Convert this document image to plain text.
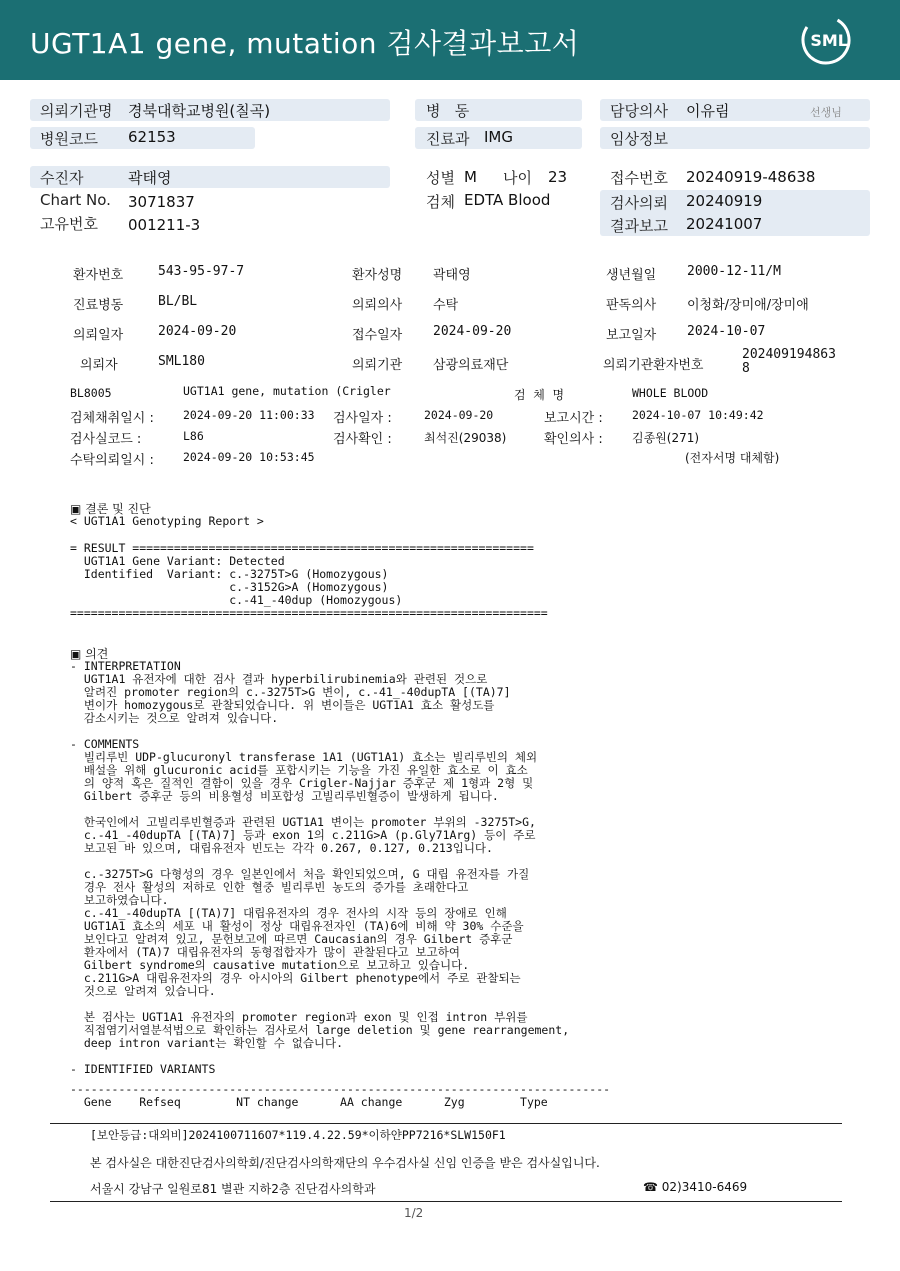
UGT1A1 gene, mutation 검사결과보고서	SML
의뢰기관명 경북대학교병원(칠곡)
병원코드 62153
병   동
진료과 IMG
담당의사 이유림	선생님
임상정보
수진자	곽태영
Chart No. 3071837
고유번호 001211-3
성별 M 나이 23
검체 EDTA Blood
접수번호 20240919-48638
검사의뢰 20240919
결과보고 20241007
환자번호	543-95-97-7	환자성명 곽태영	생년월일 2000-12-11/M
진료병동	BL/BL	의뢰의사 수탁	판독의사 이청화/장미애/장미애
의뢰일자	2024-09-20	접수일자 2024-09-20	보고일자 2024-10-07
의뢰자	SML180	의뢰기관 삼광의료재단	의뢰기관환자번호
202409194863
8
BL8005	UGT1A1 gene, mutation (Crigler	검  체  명	WHOLE BLOOD
검체채취일시 :	2024-09-20 11:00:33 검사일자 :	2024-09-20	보고시간 :	2024-10-07 10:49:42
검사실코드 :	L86	검사확인 :	최석진(29038)	확인의사 : 김종원(271)
수탁의뢰일시 :	2024-09-20 10:53:45	(전자서명 대체함)
▣ 결론 및 진단
< UGT1A1 Genotyping Report >
= RESULT ==========================================================
UGT1A1 Gene Variant: Detected
Identified  Variant: c.-3275T>G (Homozygous)
c.-3152G>A (Homozygous)
c.-41_-40dup (Homozygous)
=====================================================================
▣ 의견
- INTERPRETATION
UGT1A1 유전자에 대한 검사 결과 hyperbilirubinemia와 관련된 것으로
알려진 promoter region의 c.-3275T>G 변이, c.-41_-40dupTA [(TA)7]
변이가 homozygous로 관찰되었습니다. 위 변이들은 UGT1A1 효소 활성도를
감소시키는 것으로 알려져 있습니다.

- COMMENTS
빌리루빈 UDP-glucuronyl transferase 1A1 (UGT1A1) 효소는 빌리루빈의 체외
배설을 위해 glucuronic acid를 포합시키는 기능을 가진 유일한 효소로 이 효소
의 양적 혹은 질적인 결함이 있을 경우 Crigler-Najjar 증후군 제 1형과 2형 및
Gilbert 증후군 등의 비용혈성 비포합성 고빌리루빈혈증이 발생하게 됩니다.

한국인에서 고빌리루빈혈증과 관련된 UGT1A1 변이는 promoter 부위의 -3275T>G,
c.-41_-40dupTA [(TA)7] 등과 exon 1의 c.211G>A (p.Gly71Arg) 등이 주로
보고된 바 있으며, 대립유전자 빈도는 각각 0.267, 0.127, 0.213입니다.

c.-3275T>G 다형성의 경우 일본인에서 처음 확인되었으며, G 대립 유전자를 가질
경우 전사 활성의 저하로 인한 혈중 빌리루빈 농도의 증가를 초래한다고
보고하였습니다.
c.-41_-40dupTA [(TA)7] 대립유전자의 경우 전사의 시작 등의 장애로 인해
UGT1A1 효소의 세포 내 활성이 정상 대립유전자인 (TA)6에 비해 약 30% 수준을
보인다고 알려져 있고, 문헌보고에 따르면 Caucasian의 경우 Gilbert 증후군
환자에서 (TA)7 대립유전자의 동형접합자가 많이 관찰된다고 보고하여
Gilbert syndrome의 causative mutation으로 보고하고 있습니다.
c.211G>A 대립유전자의 경우 아시아의 Gilbert phenotype에서 주로 관찰되는
것으로 알려져 있습니다.

본 검사는 UGT1A1 유전자의 promoter region과 exon 및 인접 intron 부위를
직접염기서열분석법으로 확인하는 검사로서 large deletion 및 gene rearrangement,
deep intron variant는 확인할 수 없습니다.

- IDENTIFIED VARIANTS
------------------------------------------------------------------------------
Gene    Refseq        NT change      AA change      Zyg        Type
[보안등급:대외비]20241007116O7*119.4.22.59*이하얀PP7216*SLW150F1
본 검사실은 대한진단검사의학회/진단검사의학재단의 우수검사실 신임 인증을 받은 검사실입니다.
서울시 강남구 일원로81 별관 지하2층 진단검사의학과	☎ 02)3410-6469
1/2
